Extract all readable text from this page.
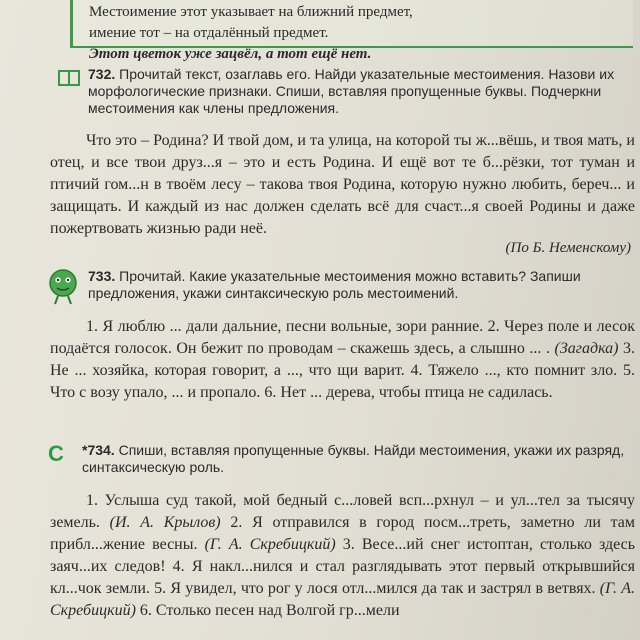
Местоимение этот указывает на ближний предмет,

имение тот – на отдалённый предмет.

Этот цветок уже зацвёл, а тот ещё нет.

732. Прочитай текст, озаглавь его. Найди указательные местоимения. Назови их морфологические признаки. Спиши, вставляя пропущенные буквы. Подчеркни местоимения как члены предложения.

Что это – Родина? И твой дом, и та улица, на которой ты ж...вёшь, и твоя мать, и отец, и все твои друз...я – это и есть Родина. И ещё вот те б...рёзки, тот туман и птичий гом...н в твоём лесу – такова твоя Родина, которую нужно любить, береч... и защищать. И каждый из нас должен сделать всё для счаст...я своей Родины и даже пожертвовать жизнью ради неё.

(По Б. Неменскому)

733. Прочитай. Какие указательные местоимения можно вставить? Запиши предложения, укажи синтаксическую роль местоимений.

1. Я люблю ... дали дальние, песни вольные, зори ранние. 2. Через поле и лесок подаётся голосок. Он бежит по проводам – скажешь здесь, а слышно ... . (Загадка) 3. Не ... хозяйка, которая говорит, а ..., что щи варит. 4. Тяжело ..., кто помнит зло. 5. Что с возу упало, ... и пропало. 6. Нет ... дерева, чтобы птица не садилась.
С	*734. Спиши, вставляя пропущенные буквы. Найди местоимения, укажи их разряд, синтаксическую роль.

1. Услыша суд такой, мой бедный с...ловей всп...рхнул – и ул...тел за тысячу земель. (И. А. Крылов) 2. Я отправился в город посм...треть, заметно ли там прибл...жение весны. (Г. А. Скребицкий) 3. Весе...ий снег истоптан, столько здесь заяч...их следов! 4. Я накл...нился и стал разглядывать этот первый открывшийся кл...чок земли. 5. Я увидел, что рог у лося отл...мился да так и застрял в ветвях. (Г. А. Скребицкий) 6. Столько песен над Волгой гр...мели
